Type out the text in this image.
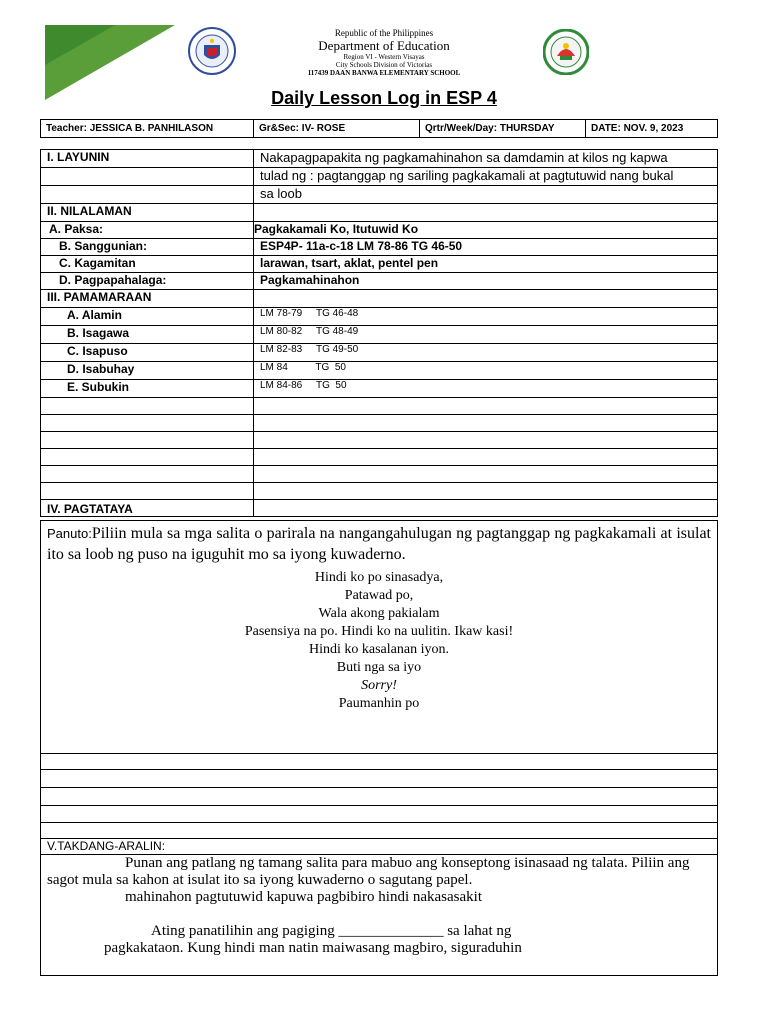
Republic of the Philippines
Department of Education
Region VI - Western Visayas
City Schools Division of Victorias
117439 DAAN BANWA ELEMENTARY SCHOOL
Daily Lesson Log in ESP 4
Teacher: JESSICA B. PANHILASON	Gr&Sec: IV- ROSE	Qrtr/Week/Day: THURSDAY	DATE: NOV. 9, 2023
I. LAYUNIN	Nakapagpapakita ng pagkamahinahon sa damdamin at kilos ng kapwa
	tulad ng : pagtanggap ng sariling pagkakamali at pagtutuwid nang bukal
	sa loob
II. NILALAMAN	
A. Paksa:	Pagkakamali Ko, Itutuwid Ko
B. Sanggunian:	ESP4P- 11a-c-18 LM 78-86 TG 46-50
C. Kagamitan	larawan, tsart, aklat, pentel pen
D. Pagpapahalaga:	Pagkamahinahon
III. PAMAMARAAN	
A. Alamin	LM 78-79     TG 46-48
B. Isagawa	LM 80-82     TG 48-49
C. Isapuso	LM 82-83     TG 49-50
D. Isabuhay	LM 84          TG  50
E. Subukin	LM 84-86     TG  50

IV. PAGTATAYA	
Panuto:Piliin mula sa mga salita o parirala na nangangahulugan ng pagtanggap ng pagkakamali at isulat ito sa loob ng puso na iguguhit mo sa iyong kuwaderno.
Hindi ko po sinasadya,
Patawad po,
Wala akong pakialam
Pasensiya na po. Hindi ko na uulitin. Ikaw kasi!
Hindi ko kasalanan iyon.
Buti nga sa iyo
Sorry!
Paumanhin po
V.TAKDANG-ARALIN:
Punan ang patlang ng tamang salita para mabuo ang konseptong isinasaad ng talata. Piliin ang sagot mula sa kahon at isulat ito sa iyong kuwaderno o sagutang papel.
mahinahon pagtutuwid kapuwa pagbibiro hindi nakasasakit
Ating panatilihin ang pagiging ______________ sa lahat ng
pagkakataon. Kung hindi man natin maiwasang magbiro, siguraduhin
